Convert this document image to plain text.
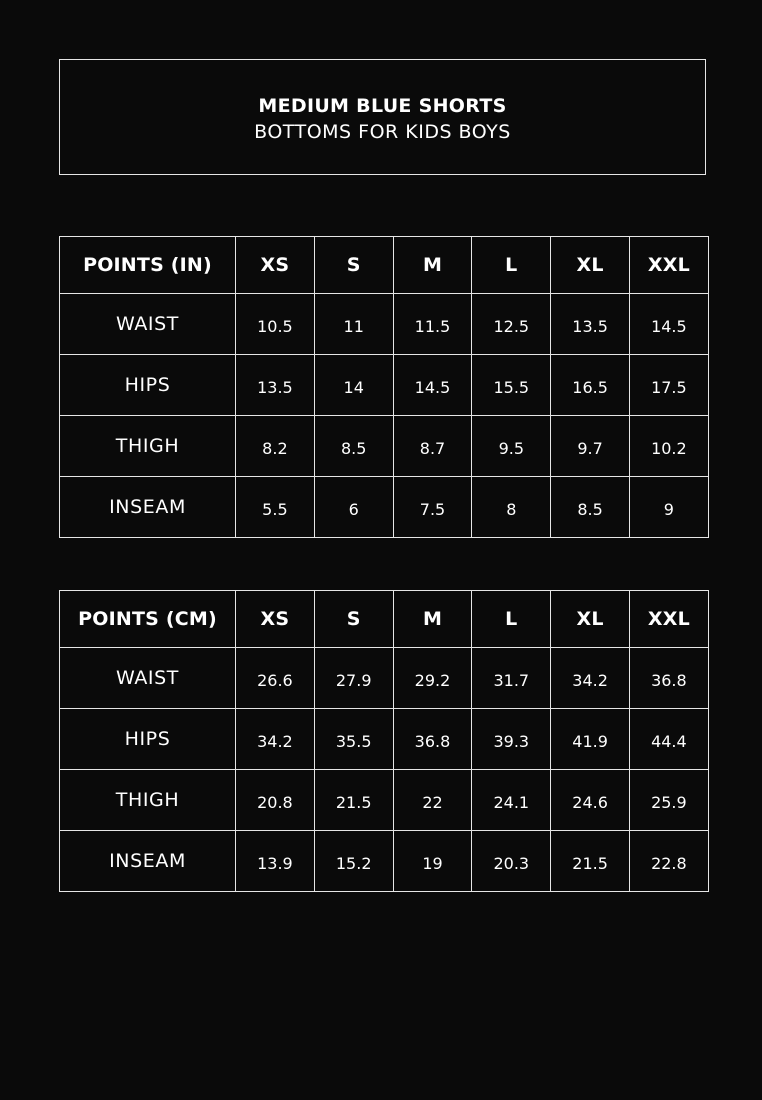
MEDIUM BLUE SHORTS
BOTTOMS FOR KIDS BOYS
POINTS (IN)	XS	S	M	L	XL	XXL
WAIST	10.5	11	11.5	12.5	13.5	14.5
HIPS	13.5	14	14.5	15.5	16.5	17.5
THIGH	8.2	8.5	8.7	9.5	9.7	10.2
INSEAM	5.5	6	7.5	8	8.5	9
POINTS (CM)	XS	S	M	L	XL	XXL
WAIST	26.6	27.9	29.2	31.7	34.2	36.8
HIPS	34.2	35.5	36.8	39.3	41.9	44.4
THIGH	20.8	21.5	22	24.1	24.6	25.9
INSEAM	13.9	15.2	19	20.3	21.5	22.8
